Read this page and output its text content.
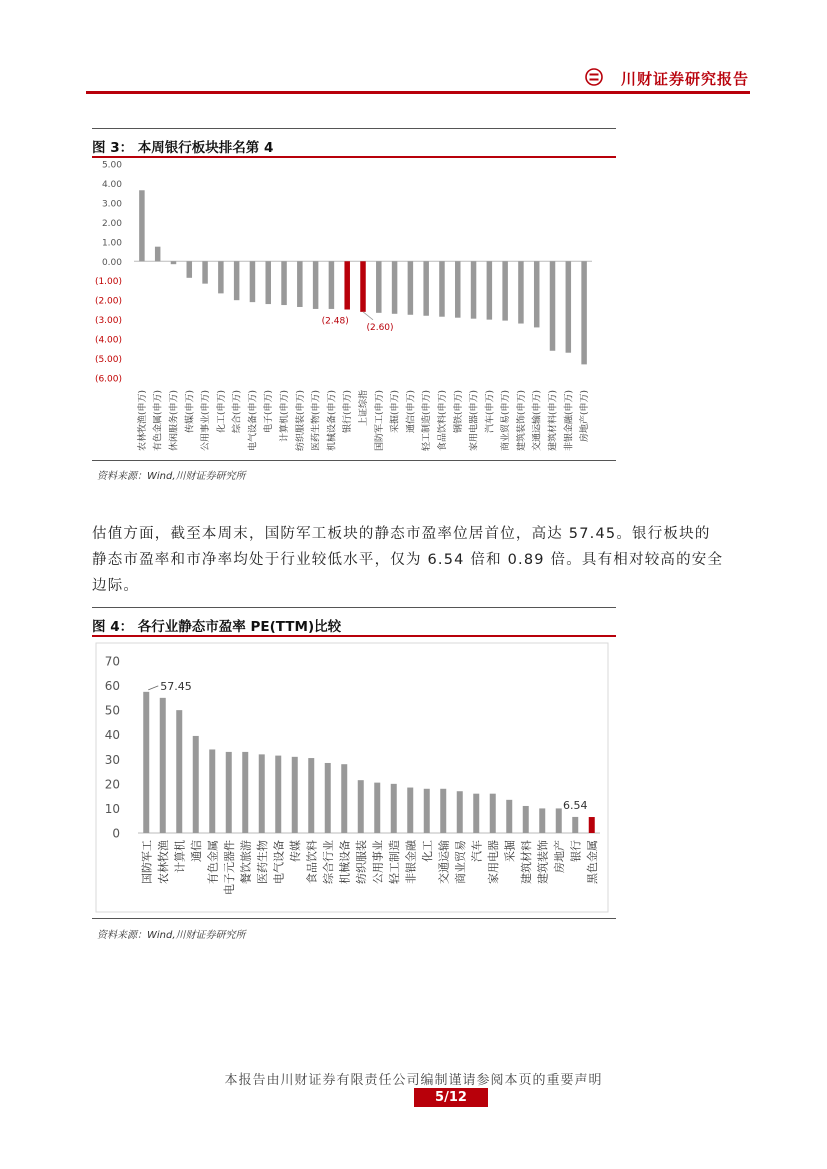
川财证券研究报告
图 3： 本周银行板块排名第 4
5.00
4.00
3.00
2.00
1.00
0.00
(1.00)
(2.00)
(3.00)
(4.00)
(5.00)
(6.00)
农林牧渔(申万) 有色金属(申万) 休闲服务(申万) 传媒(申万) 公用事业(申万) 化工(申万) 综合(申万) 电气设备(申万) 电子(申万) 计算机(申万) 纺织服装(申万) 医药生物(申万) 机械设备(申万) 银行(申万) 上证综指 国防军工(申万) 采掘(申万) 通信(申万) 轻工制造(申万) 食品饮料(申万) 钢铁(申万) 家用电器(申万) 汽车(申万) 商业贸易(申万) 建筑装饰(申万) 交通运输(申万) 建筑材料(申万) 非银金融(申万) 房地产(申万)
(2.48)
(2.60)
资料来源：Wind,川财证券研究所
估值方面，截至本周末，国防军工板块的静态市盈率位居首位，高达 57.45。银行板块的
静态市盈率和市净率均处于行业较低水平，仅为 6.54 倍和 0.89 倍。具有相对较高的安全
边际。
图 4： 各行业静态市盈率 PE(TTM)比较
70
60
50
40
30
20
10
0
国防军工 农林牧渔 计算机 通信 有色金属 电子元器件 餐饮旅游 医药生物 电气设备 传媒 食品饮料 综合行业 机械设备 纺织服装 公用事业 轻工制造 非银金融 化工 交通运输 商业贸易 汽车 家用电器 采掘 建筑材料 建筑装饰 房地产 银行 黑色金属
57.45
6.54
资料来源：Wind,川财证券研究所
本报告由川财证券有限责任公司编制谨请参阅本页的重要声明
5/12
